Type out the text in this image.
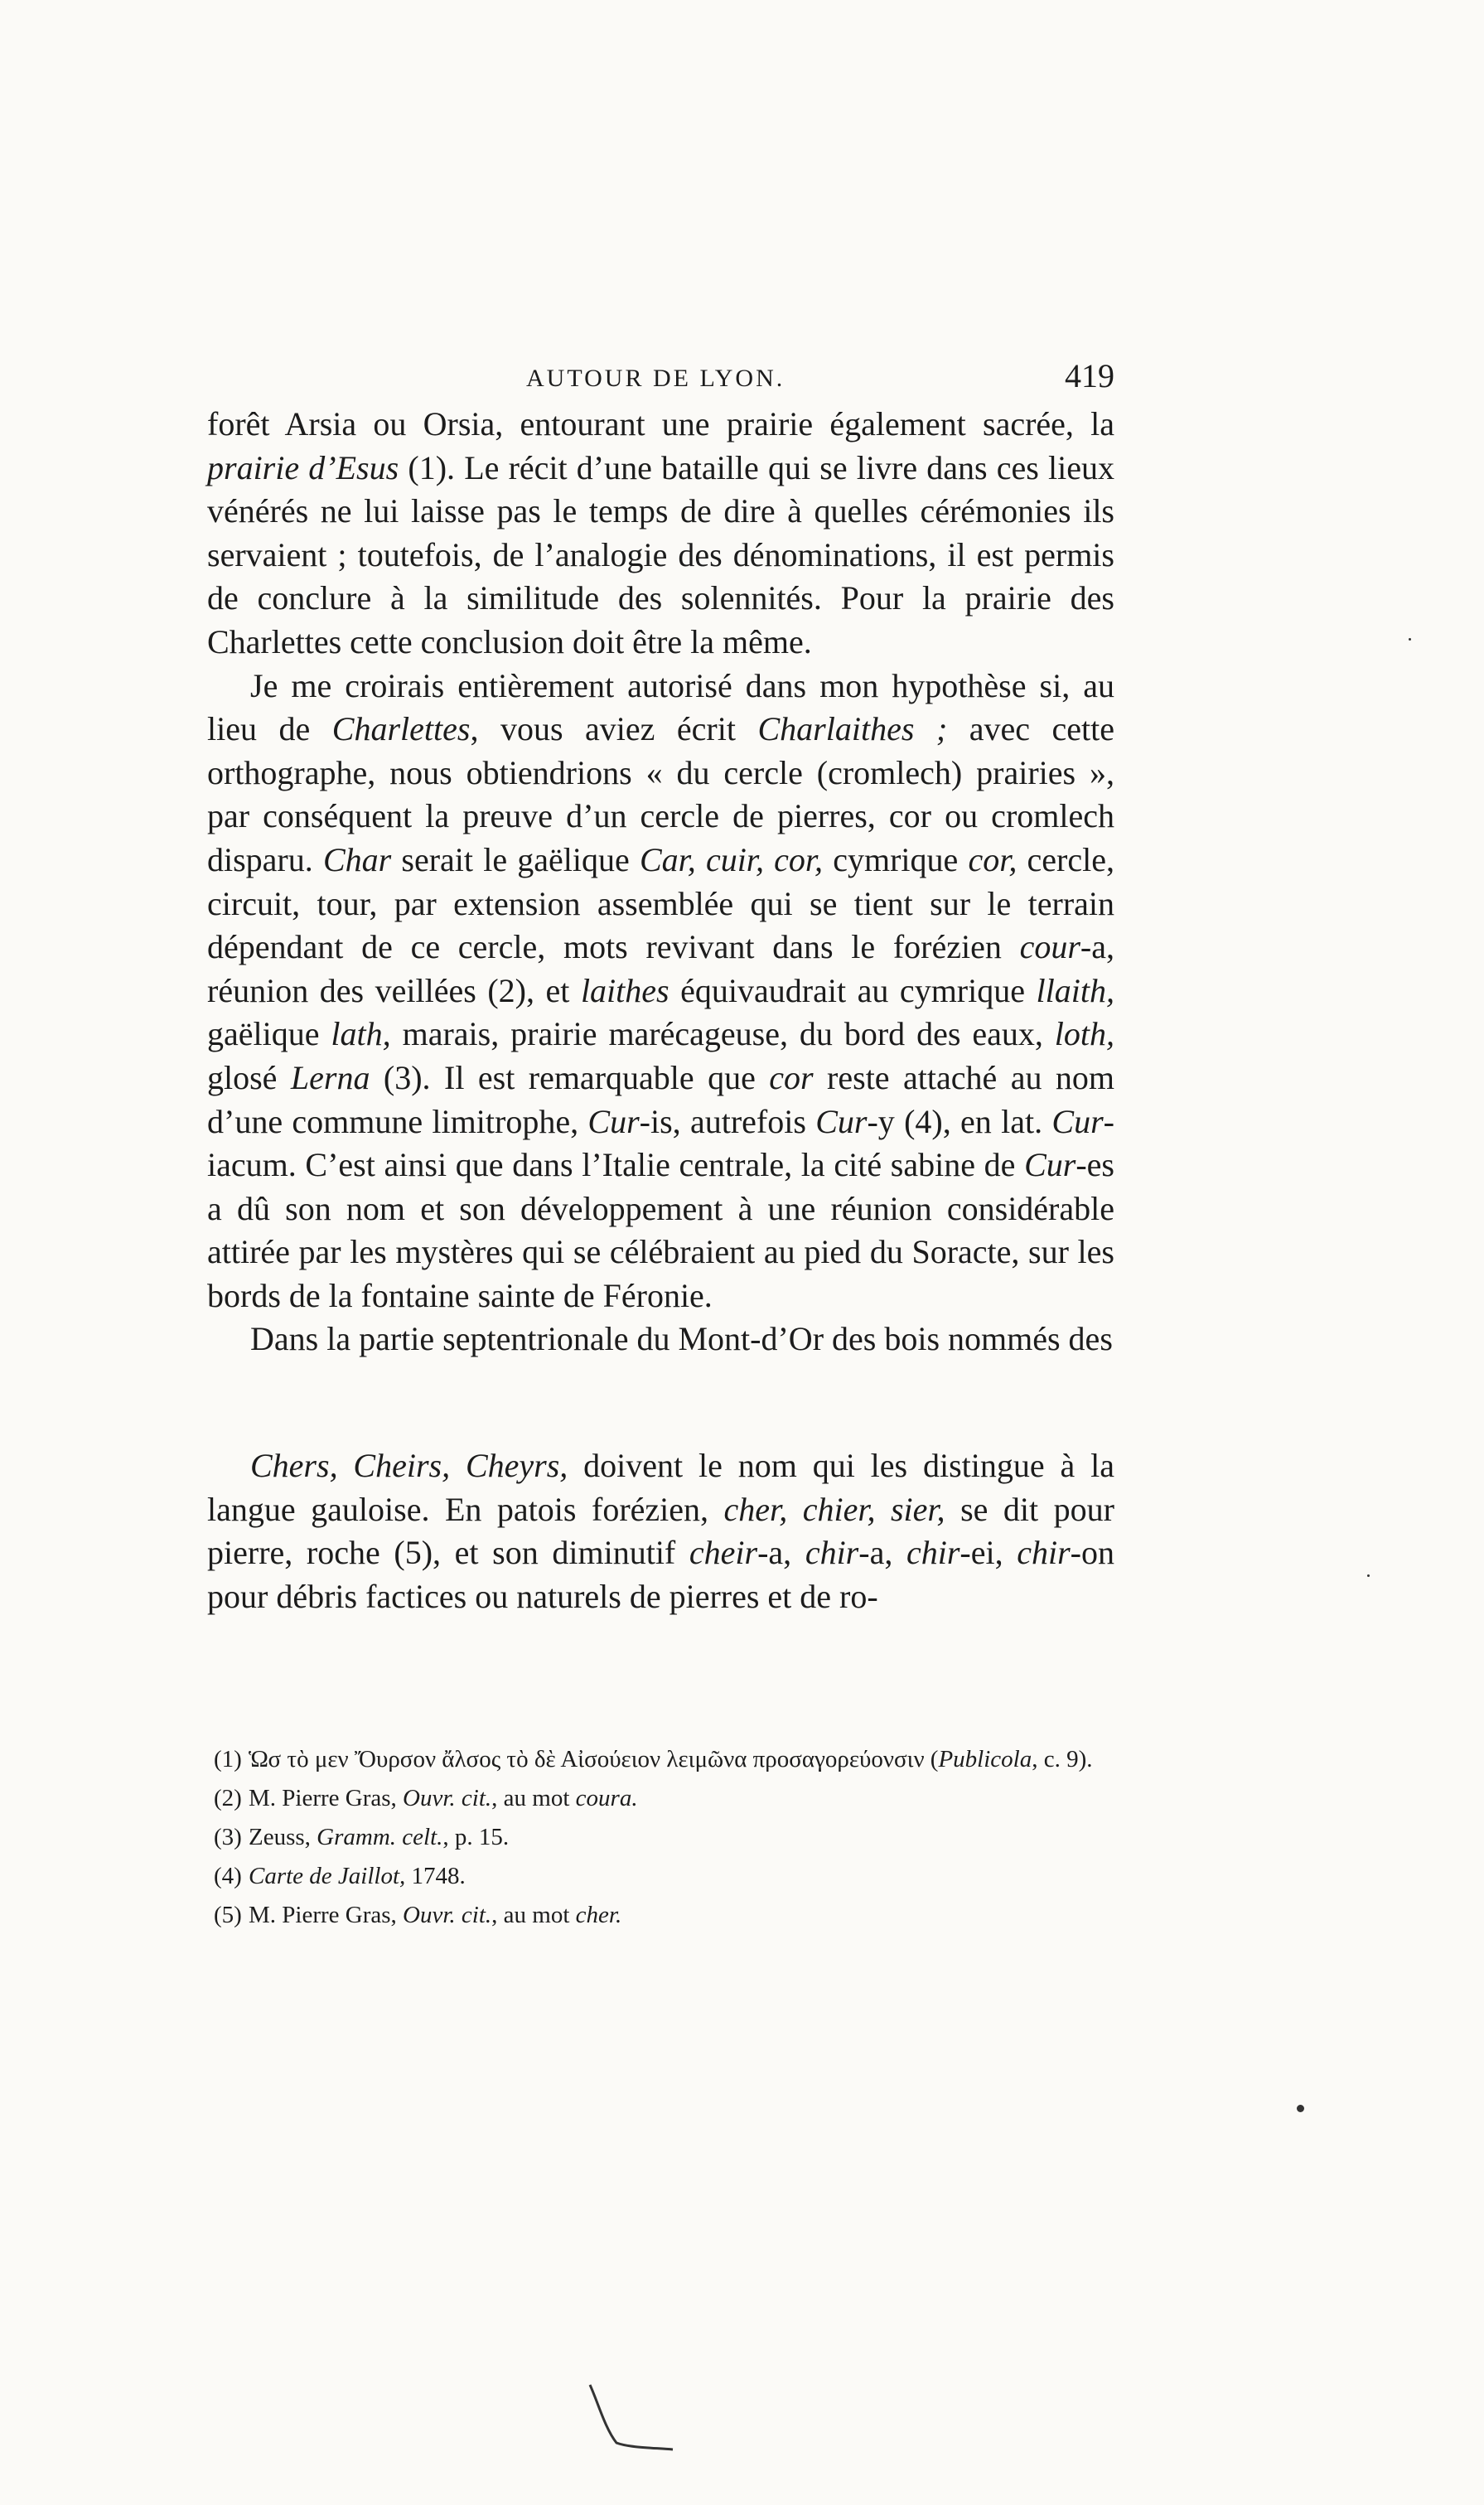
AUTOUR DE LYON.	419

forêt Arsia ou Orsia, entourant une prairie également sacrée, la prairie d’Esus (1). Le récit d’une bataille qui se livre dans ces lieux vénérés ne lui laisse pas le temps de dire à quelles cérémonies ils servaient ; toutefois, de l’analogie des dénominations, il est permis de conclure à la similitude des solennités. Pour la prairie des Charlettes cette conclusion doit être la même.

Je me croirais entièrement autorisé dans mon hypothèse si, au lieu de Charlettes, vous aviez écrit Charlaithes ; avec cette orthographe, nous obtiendrions « du cercle (cromlech) prairies », par conséquent la preuve d’un cercle de pierres, cor ou cromlech disparu. Char serait le gaëlique Car, cuir, cor, cymrique cor, cercle, circuit, tour, par extension assemblée qui se tient sur le terrain dépendant de ce cercle, mots revivant dans le forézien cour-a, réunion des veillées (2), et laithes équivaudrait au cymrique llaith, gaëlique lath, marais, prairie marécageuse, du bord des eaux, loth, glosé Lerna (3). Il est remarquable que cor reste attaché au nom d’une commune limitrophe, Cur-is, autrefois Cur-y (4), en lat. Cur-iacum. C’est ainsi que dans l’Italie centrale, la cité sabine de Cur-es a dû son nom et son développement à une réunion considérable attirée par les mystères qui se célébraient au pied du Soracte, sur les bords de la fontaine sainte de Féronie.

Dans la partie septentrionale du Mont-d’Or des bois nommés des

Chers, Cheirs, Cheyrs, doivent le nom qui les distingue à la langue gauloise. En patois forézien, cher, chier, sier, se dit pour pierre, roche (5), et son diminutif cheir-a, chir-a, chir-ei, chir-on pour débris factices ou naturels de pierres et de ro-

(1) Ὡσ τὸ μεν Ὄυρσον ἄλσος τὸ δὲ Αἰσούειον λειμῶνα προσαγορεύονσιν (Publicola, c. 9).

(2) M. Pierre Gras, Ouvr. cit., au mot coura.

(3) Zeuss, Gramm. celt., p. 15.

(4) Carte de Jaillot, 1748.

(5) M. Pierre Gras, Ouvr. cit., au mot cher.
